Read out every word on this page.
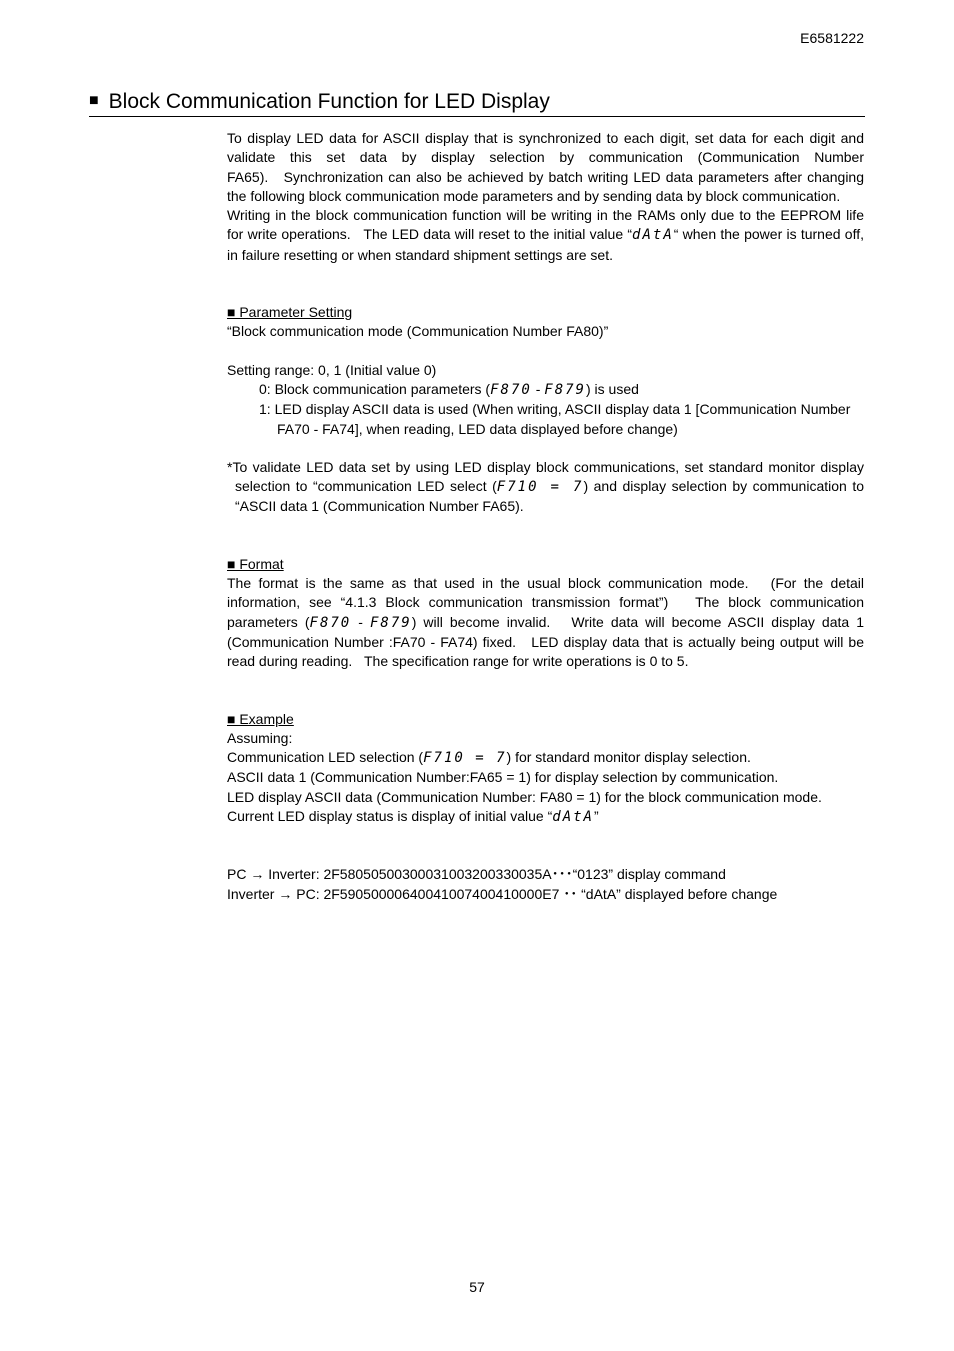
E6581222
■ Block Communication Function for LED Display

To display LED data for ASCII display that is synchronized to each digit, set data for each digit and validate this set data by display selection by communication (Communication Number FA65).   Synchronization can also be achieved by batch writing LED data parameters after changing the following block communication mode parameters and by sending data by block communication.

Writing in the block communication function will be writing in the RAMs only due to the EEPROM life for write operations.   The LED data will reset to the initial value “dAtA“ when the power is turned off, in failure resetting or when standard shipment settings are set.

■ Parameter Setting

“Block communication mode (Communication Number FA80)”

Setting range: 0, 1 (Initial value 0)

0: Block communication parameters (F870 - F879) is used

1: LED display ASCII data is used (When writing, ASCII display data 1 [Communication Number FA70 - FA74], when reading, LED data displayed before change)

*To validate LED data set by using LED display block communications, set standard monitor display selection to “communication LED select (F710 = 7) and display selection by communication to “ASCII data 1 (Communication Number FA65).

■ Format

The format is the same as that used in the usual block communication mode.   (For the detail information, see “4.1.3 Block communication transmission format”)   The block communication parameters (F870 - F879) will become invalid.   Write data will become ASCII display data 1 (Communication Number :FA70 - FA74) fixed.   LED display data that is actually being output will be read during reading.   The specification range for write operations is 0 to 5.

■ Example

Assuming:

Communication LED selection (F710 = 7) for standard monitor display selection.

ASCII data 1 (Communication Number:FA65 = 1) for display selection by communication.

LED display ASCII data (Communication Number: FA80 = 1) for the block communication mode.

Current LED display status is display of initial value “dAtA”

PC → Inverter: 2F58050500300031003200330035A･･･“0123” display command

Inverter → PC: 2F59050000640041007400410000E7 ･･ “dAtA” displayed before change

57
